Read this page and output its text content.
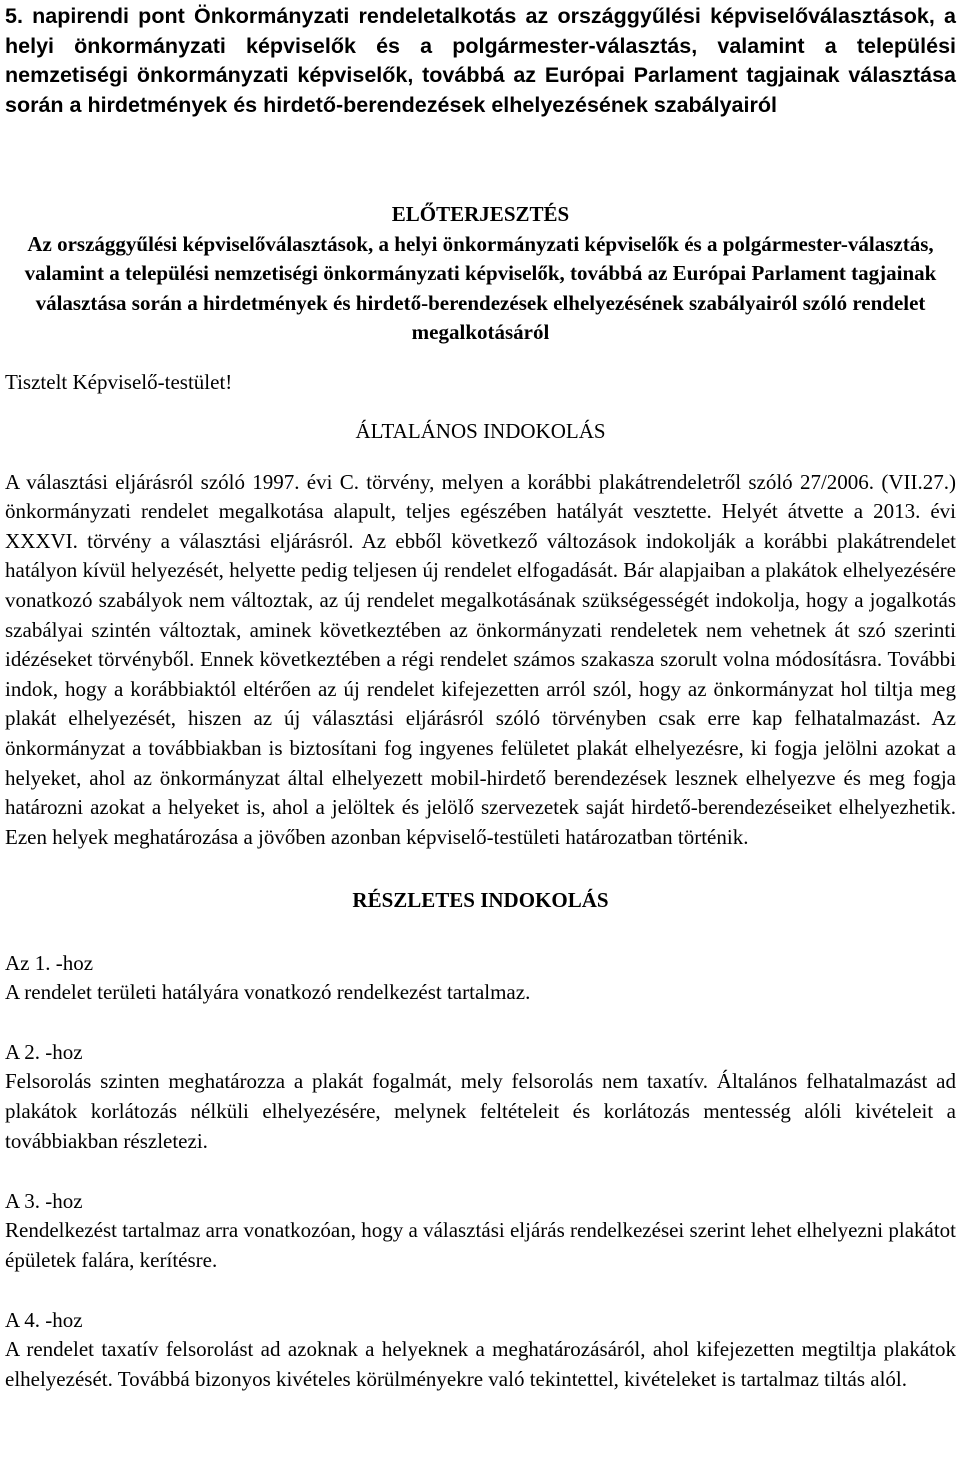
5. napirendi pont Önkormányzati rendeletalkotás az országgyűlési képviselőválasztások, a helyi önkormányzati képviselők és a polgármester-választás, valamint a települési nemzetiségi önkormányzati képviselők, továbbá az Európai Parlament tagjainak választása során a hirdetmények és hirdető-berendezések elhelyezésének szabályairól

ELŐTERJESZTÉS
Az országgyűlési képviselőválasztások, a helyi önkormányzati képviselők és a polgármester-választás, valamint a települési nemzetiségi önkormányzati képviselők, továbbá az Európai Parlament tagjainak választása során a hirdetmények és hirdető-berendezések elhelyezésének szabályairól szóló rendelet megalkotásáról

Tisztelt Képviselő-testület!

ÁLTALÁNOS INDOKOLÁS

A választási eljárásról szóló 1997. évi C. törvény, melyen a korábbi plakátrendeletről szóló 27/2006. (VII.27.) önkormányzati rendelet megalkotása alapult, teljes egészében hatályát vesztette. Helyét átvette a 2013. évi XXXVI. törvény a választási eljárásról. Az ebből következő változások indokolják a korábbi plakátrendelet hatályon kívül helyezését, helyette pedig teljesen új rendelet elfogadását. Bár alapjaiban a plakátok elhelyezésére vonatkozó szabályok nem változtak, az új rendelet megalkotásának szükségességét indokolja, hogy a jogalkotás szabályai szintén változtak, aminek következtében az önkormányzati rendeletek nem vehetnek át szó szerinti idézéseket törvényből. Ennek következtében a régi rendelet számos szakasza szorult volna módosításra. További indok, hogy a korábbiaktól eltérően az új rendelet kifejezetten arról szól, hogy az önkormányzat hol tiltja meg plakát elhelyezését, hiszen az új választási eljárásról szóló törvényben csak erre kap felhatalmazást. Az önkormányzat a továbbiakban is biztosítani fog ingyenes felületet plakát elhelyezésre, ki fogja jelölni azokat a helyeket, ahol az önkormányzat által elhelyezett mobil-hirdető berendezések lesznek elhelyezve és meg fogja határozni azokat a helyeket is, ahol a jelöltek és jelölő szervezetek saját hirdető-berendezéseiket elhelyezhetik. Ezen helyek meghatározása a jövőben azonban képviselő-testületi határozatban történik.

RÉSZLETES INDOKOLÁS

Az 1. -hoz

A rendelet területi hatályára vonatkozó rendelkezést tartalmaz.

A 2. -hoz

Felsorolás szinten meghatározza a plakát fogalmát, mely felsorolás nem taxatív. Általános felhatalmazást ad plakátok korlátozás nélküli elhelyezésére, melynek feltételeit és korlátozás mentesség alóli kivételeit a továbbiakban részletezi.

A 3. -hoz

Rendelkezést tartalmaz arra vonatkozóan, hogy a választási eljárás rendelkezései szerint lehet elhelyezni plakátot épületek falára, kerítésre.

A 4. -hoz

A rendelet taxatív felsorolást ad azoknak a helyeknek a meghatározásáról, ahol kifejezetten megtiltja plakátok elhelyezését. Továbbá bizonyos kivételes körülményekre való tekintettel, kivételeket is tartalmaz tiltás alól.
